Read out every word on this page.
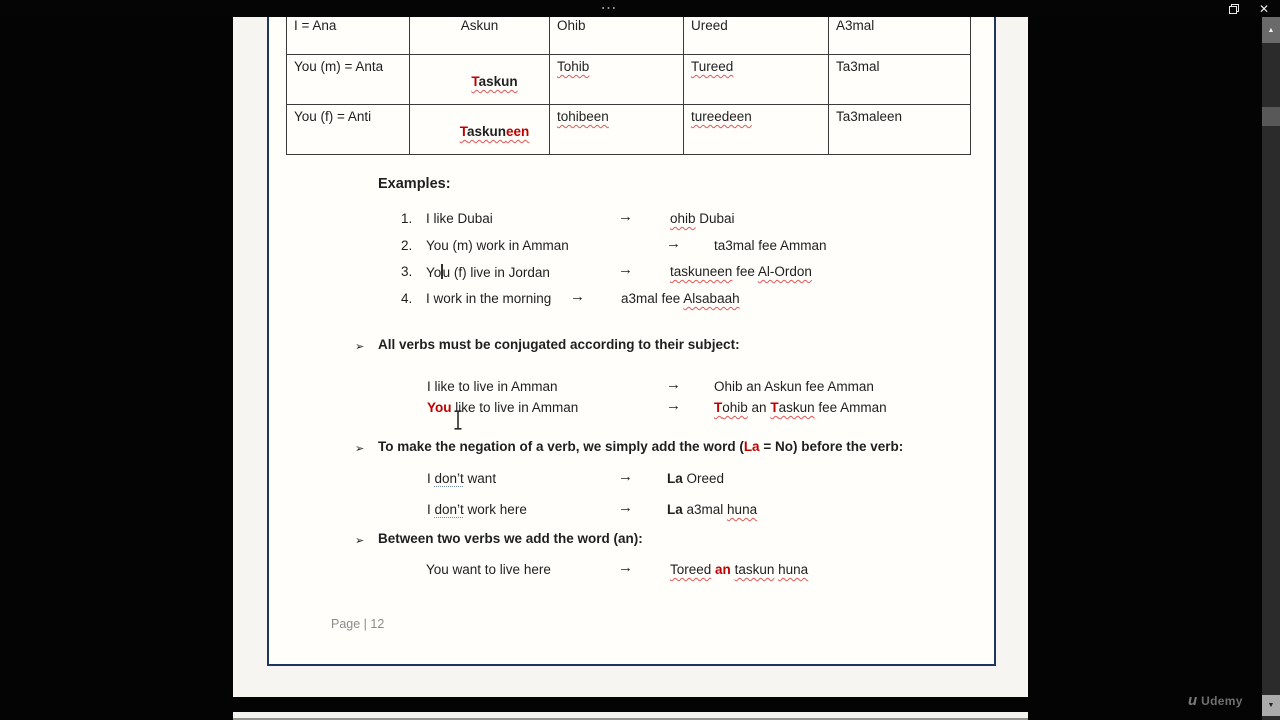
I = Ana	Askun	Ohib	Ureed	A3mal
You (m) = Anta	Taskun	Tohib	Tureed	Ta3mal
You (f) = Anti	Taskuneen	tohibeen	tureedeen	Ta3maleen
Examples:
1. I like Dubai	→	ohib Dubai
2. You (m) work in Amman	→ ta3mal fee Amman
3. You (f) live in Jordan	→	taskuneen fee Al-Ordon
4. I work in the morning →	a3mal fee Alsabaah
➢ All verbs must be conjugated according to their subject:
I like to live in Amman	→ Ohib an Askun fee Amman
You like to live in Amman	→ Tohib an Taskun fee Amman
➢ To make the negation of a verb, we simply add the word (La = No) before the verb:
I don’t want	→	La Oreed
I don’t work here	→	La a3mal huna
➢ Between two verbs we add the word (an):
You want to live here	→	Toreed an taskun huna
Page | 12
⋯	✕
u Udemy
▲
▼
